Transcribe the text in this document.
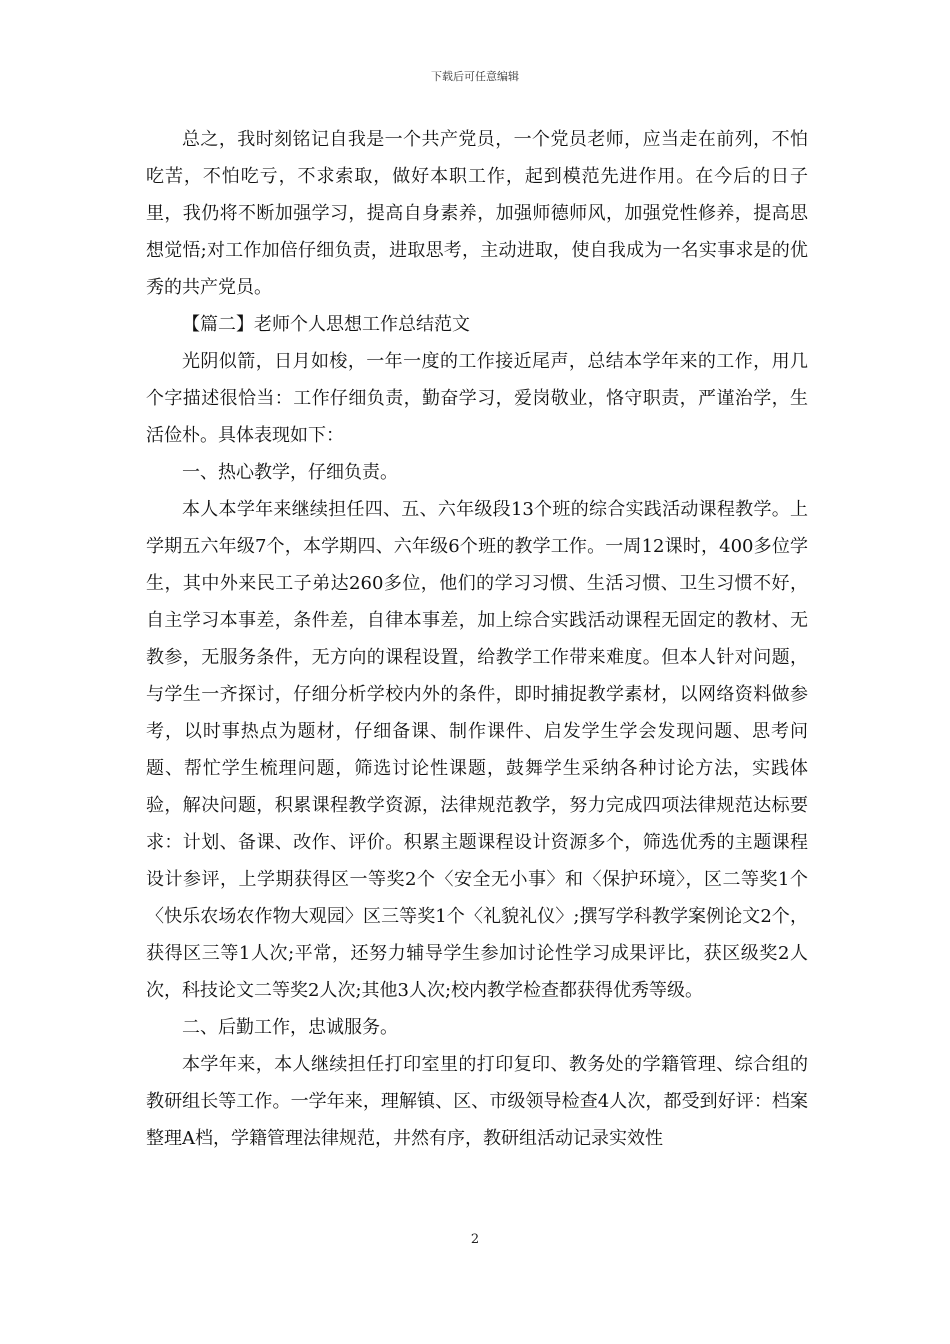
下载后可任意编辑

总之，我时刻铭记自我是一个共产党员，一个党员老师，应当走在前列，不怕吃苦，不怕吃亏，不求索取，做好本职工作，起到模范先进作用。在今后的日子里，我仍将不断加强学习，提高自身素养，加强师德师风，加强党性修养，提高思想觉悟;对工作加倍仔细负责，进取思考，主动进取，使自我成为一名实事求是的优秀的共产党员。

【篇二】老师个人思想工作总结范文

光阴似箭，日月如梭，一年一度的工作接近尾声，总结本学年来的工作，用几个字描述很恰当：工作仔细负责，勤奋学习，爱岗敬业，恪守职责，严谨治学，生活俭朴。具体表现如下：

一、热心教学，仔细负责。

本人本学年来继续担任四、五、六年级段13个班的综合实践活动课程教学。上学期五六年级7个，本学期四、六年级6个班的教学工作。一周12课时，400多位学生，其中外来民工子弟达260多位，他们的学习习惯、生活习惯、卫生习惯不好，自主学习本事差，条件差，自律本事差，加上综合实践活动课程无固定的教材、无教参，无服务条件，无方向的课程设置，给教学工作带来难度。但本人针对问题，与学生一齐探讨，仔细分析学校内外的条件，即时捕捉教学素材，以网络资料做参考，以时事热点为题材，仔细备课、制作课件、启发学生学会发现问题、思考问题、帮忙学生梳理问题，筛选讨论性课题，鼓舞学生采纳各种讨论方法，实践体验，解决问题，积累课程教学资源，法律规范教学，努力完成四项法律规范达标要求：计划、备课、改作、评价。积累主题课程设计资源多个，筛选优秀的主题课程设计参评，上学期获得区一等奖2个〈安全无小事〉和〈保护环境〉，区二等奖1个〈快乐农场农作物大观园〉区三等奖1个〈礼貌礼仪〉;撰写学科教学案例论文2个，获得区三等1人次;平常，还努力辅导学生参加讨论性学习成果评比，获区级奖2人次，科技论文二等奖2人次;其他3人次;校内教学检查都获得优秀等级。

二、后勤工作，忠诚服务。

本学年来，本人继续担任打印室里的打印复印、教务处的学籍管理、综合组的教研组长等工作。一学年来，理解镇、区、市级领导检查4人次，都受到好评：档案整理A档，学籍管理法律规范，井然有序，教研组活动记录实效性

2
